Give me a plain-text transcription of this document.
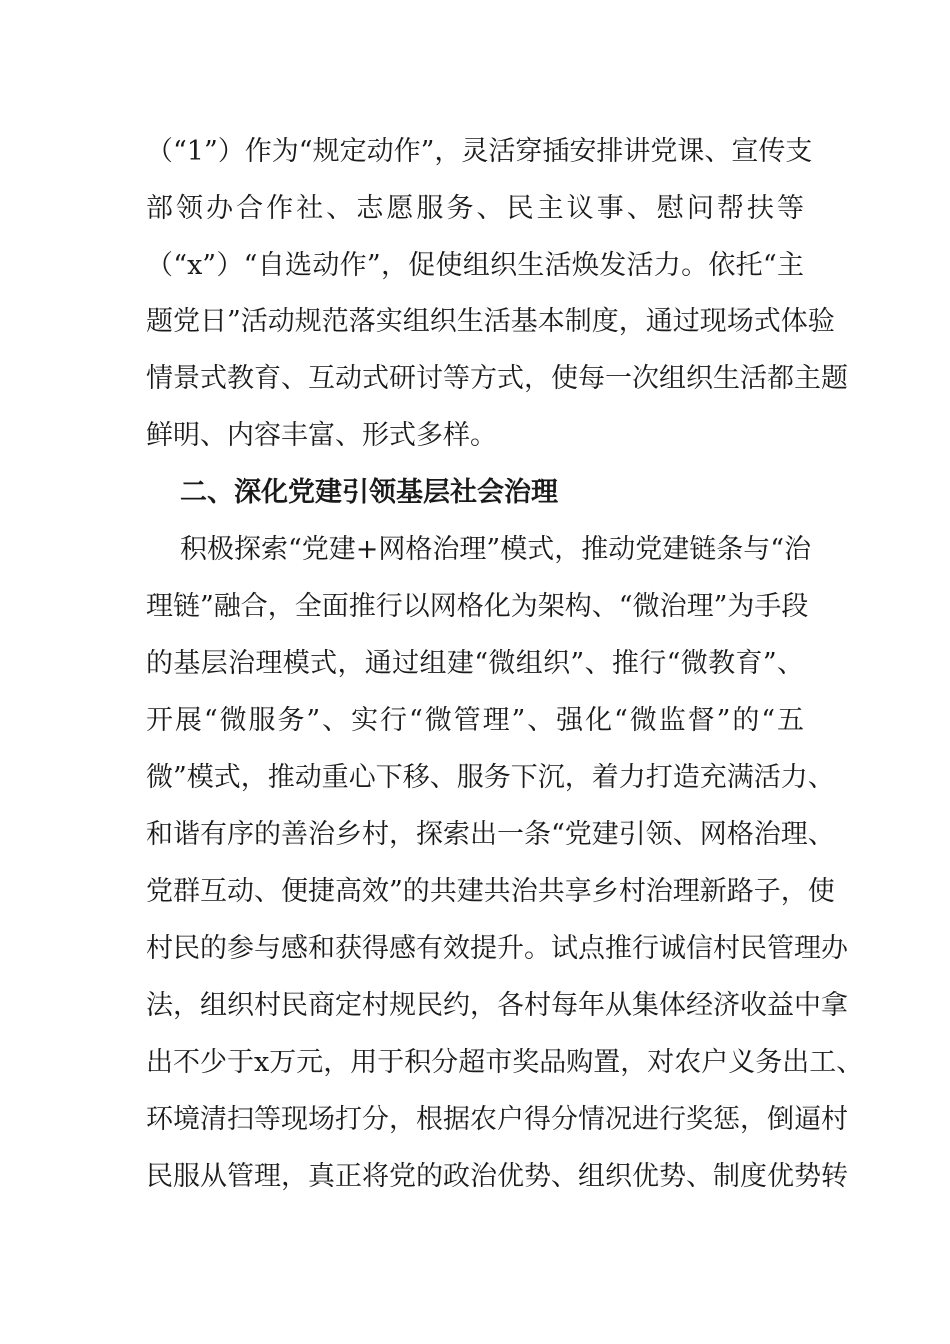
（“1”）作为“规定动作”，灵活穿插安排讲党课、宣传支
部领办合作社、志愿服务、民主议事、慰问帮扶等
（“x”）“自选动作”，促使组织生活焕发活力。依托“主
题党日”活动规范落实组织生活基本制度，通过现场式体验
情景式教育、互动式研讨等方式，使每一次组织生活都主题
鲜明、内容丰富、形式多样。
二、深化党建引领基层社会治理
积极探索“党建+网格治理”模式，推动党建链条与“治
理链”融合，全面推行以网格化为架构、“微治理”为手段
的基层治理模式，通过组建“微组织”、推行“微教育”、
开展“微服务”、实行“微管理”、强化“微监督”的“五
微”模式，推动重心下移、服务下沉，着力打造充满活力、
和谐有序的善治乡村，探索出一条“党建引领、网格治理、
党群互动、便捷高效”的共建共治共享乡村治理新路子，使
村民的参与感和获得感有效提升。试点推行诚信村民管理办
法，组织村民商定村规民约，各村每年从集体经济收益中拿
出不少于x万元，用于积分超市奖品购置，对农户义务出工、
环境清扫等现场打分，根据农户得分情况进行奖惩，倒逼村
民服从管理，真正将党的政治优势、组织优势、制度优势转
